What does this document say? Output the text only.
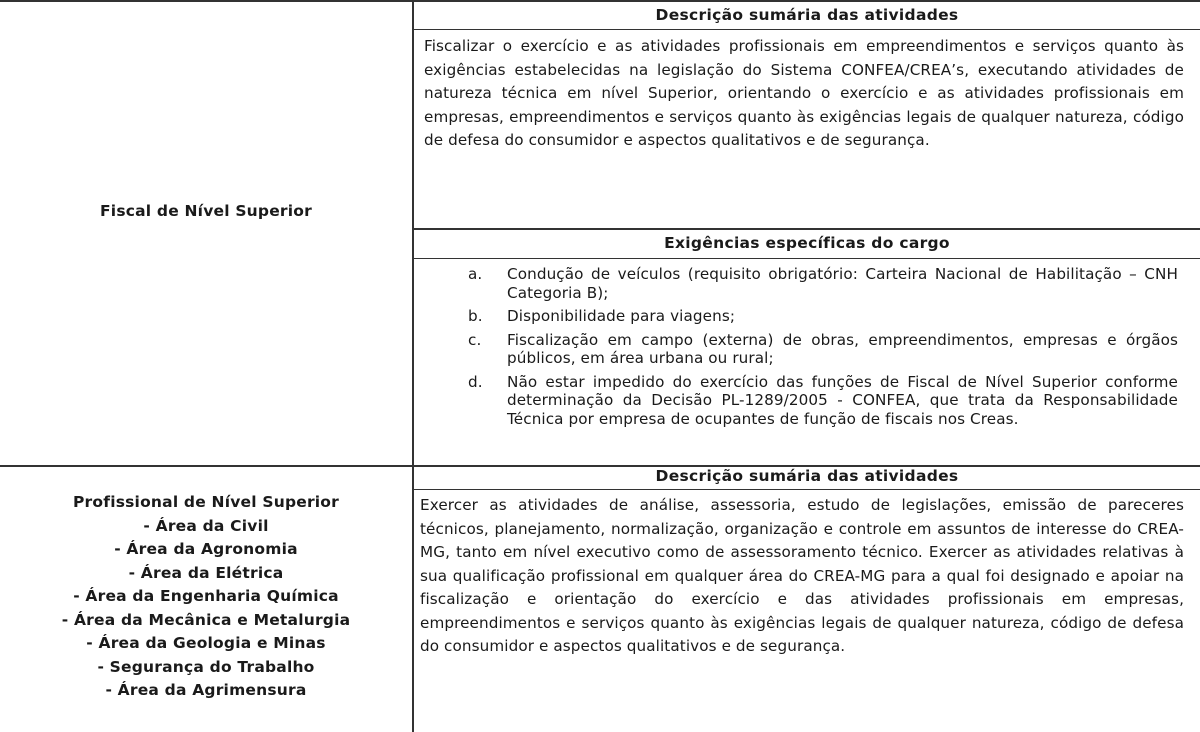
Fiscal de Nível Superior
Descrição sumária das atividades
Fiscalizar o exercício e as atividades profissionais em empreendimentos e serviços quanto às exigências estabelecidas na legislação do Sistema CONFEA/CREA’s, executando atividades de natureza técnica em nível Superior, orientando o exercício e as atividades profissionais em empresas, empreendimentos e serviços quanto às exigências legais de qualquer natureza, código de defesa do consumidor e aspectos qualitativos e de segurança.
Exigências específicas do cargo
a. Condução de veículos (requisito obrigatório: Carteira Nacional de Habilitação – CNH Categoria B);
b. Disponibilidade para viagens;
c. Fiscalização em campo (externa) de obras, empreendimentos, empresas e órgãos públicos, em área urbana ou rural;
d. Não estar impedido do exercício das funções de Fiscal de Nível Superior conforme determinação da Decisão PL-1289/2005 - CONFEA, que trata da Responsabilidade Técnica por empresa de ocupantes de função de fiscais nos Creas.
Profissional de Nível Superior
- Área da Civil
- Área da Agronomia
- Área da Elétrica
- Área da Engenharia Química
- Área da Mecânica e Metalurgia
- Área da Geologia e Minas
- Segurança do Trabalho
- Área da Agrimensura
Descrição sumária das atividades
Exercer as atividades de análise, assessoria, estudo de legislações, emissão de pareceres técnicos, planejamento, normalização, organização e controle em assuntos de interesse do CREA-MG, tanto em nível executivo como de assessoramento técnico. Exercer as atividades relativas à sua qualificação profissional em qualquer área do CREA-MG para a qual foi designado e apoiar na fiscalização e orientação do exercício e das atividades profissionais em empresas, empreendimentos e serviços quanto às exigências legais de qualquer natureza, código de defesa do consumidor e aspectos qualitativos e de segurança.
